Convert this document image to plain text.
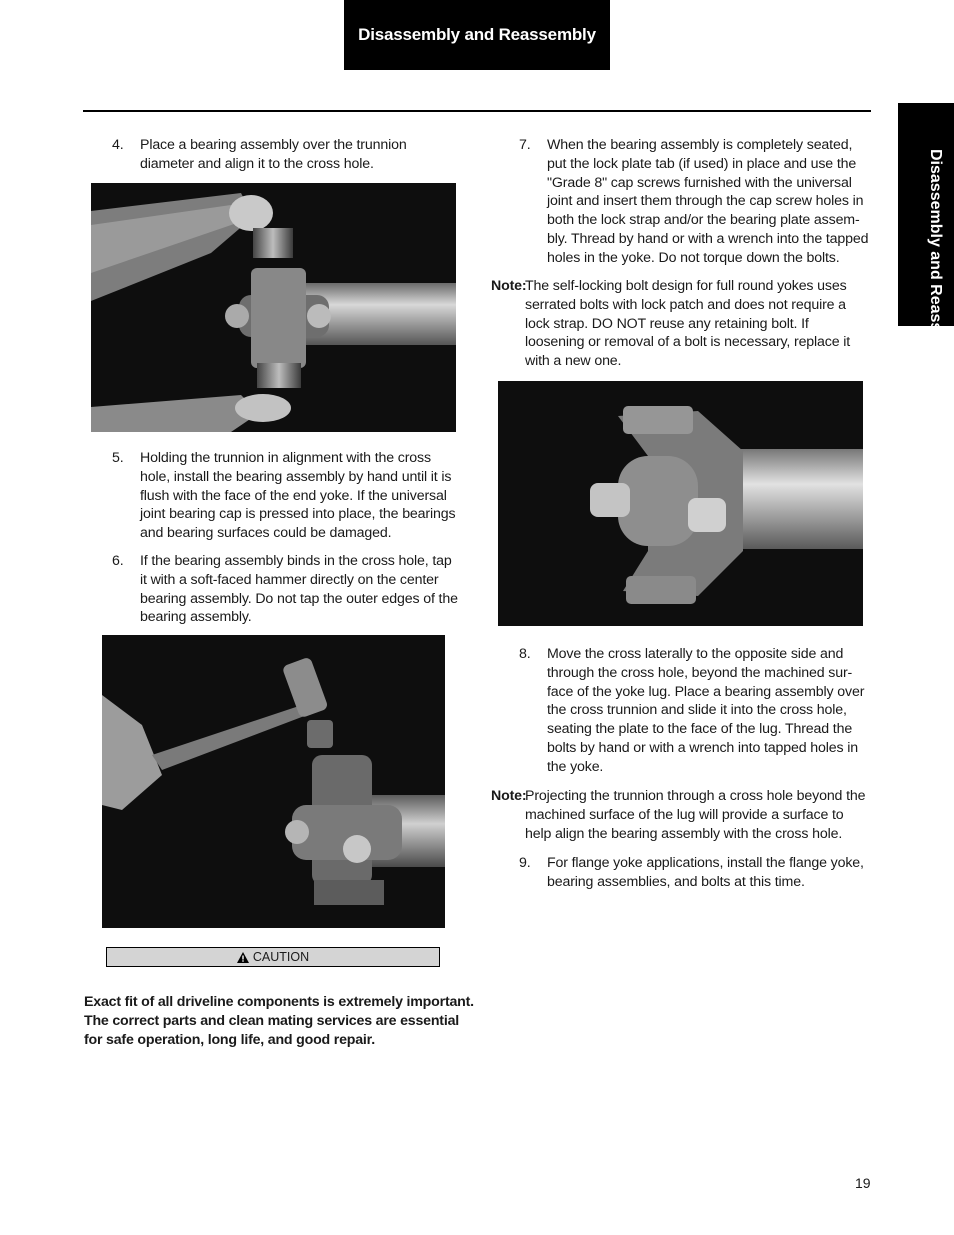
Disassembly and Reassembly
Disassembly and Reassembly
4. Place a bearing assembly over the trunnion diameter and align it to the cross hole.
5. Holding the trunnion in alignment with the cross hole, install the bearing assembly by hand until it is flush with the face of the end yoke. If the universal joint bearing cap is pressed into place, the bearings and bearing surfaces could be damaged.
6. If the bearing assembly binds in the cross hole, tap it with a soft-faced hammer directly on the center bearing assembly. Do not tap the outer edges of the bearing assembly.
CAUTION
Exact fit of all driveline components is extremely important. The correct parts and clean mating services are essential for safe operation, long life, and good repair.
7. When the bearing assembly is completely seated, put the lock plate tab (if used) in place and use the "Grade 8" cap screws furnished with the universal joint and insert them through the cap screw holes in both the lock strap and/or the bearing plate assem-bly. Thread by hand or with a wrench into the tapped holes in the yoke. Do not torque down the bolts.
Note:
The self-locking bolt design for full round yokes uses serrated bolts with lock patch and does not require a lock strap. DO NOT reuse any retaining bolt. If loosening or removal of a bolt is necessary, replace it with a new one.
8. Move the cross laterally to the opposite side and through the cross hole, beyond the machined sur-face of the yoke lug. Place a bearing assembly over the cross trunnion and slide it into the cross hole, seating the plate to the face of the lug. Thread the bolts by hand or with a wrench into tapped holes in the yoke.
Note:
Projecting the trunnion through a cross hole beyond the machined surface of the lug will provide a surface to help align the bearing assembly with the cross hole.
9. For flange yoke applications, install the flange yoke, bearing assemblies, and bolts at this time.
19
